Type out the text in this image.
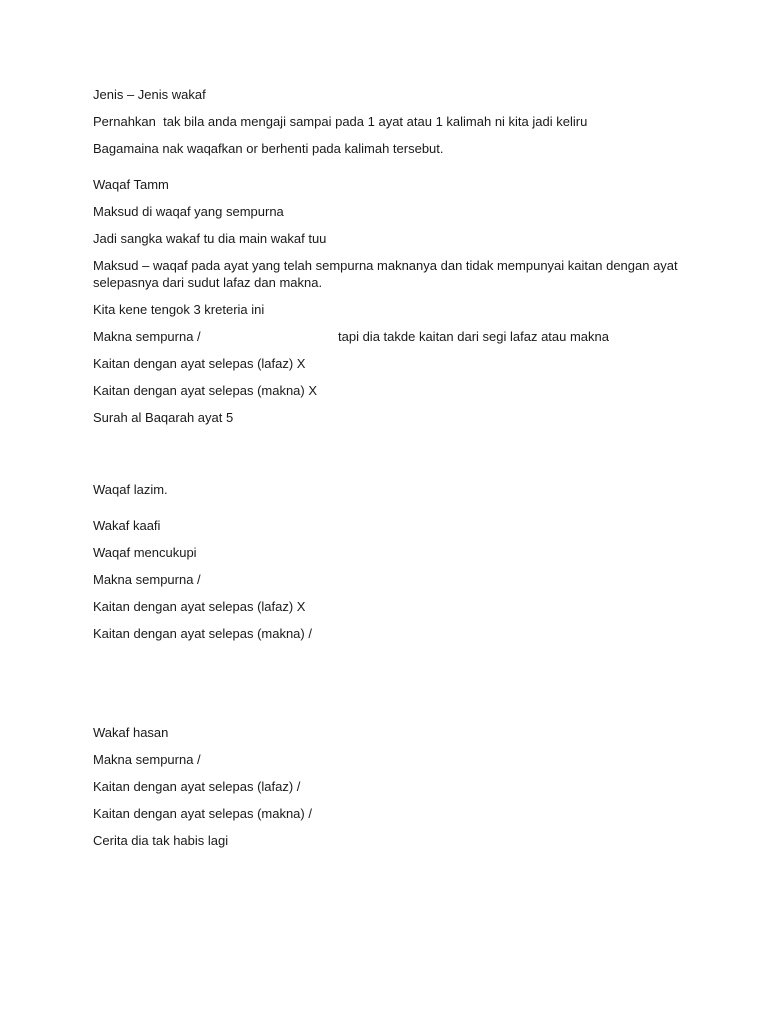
Jenis – Jenis wakaf

Pernahkan  tak bila anda mengaji sampai pada 1 ayat atau 1 kalimah ni kita jadi keliru

Bagamaina nak waqafkan or berhenti pada kalimah tersebut.

Waqaf Tamm

Maksud di waqaf yang sempurna

Jadi sangka wakaf tu dia main wakaf tuu

Maksud – waqaf pada ayat yang telah sempurna maknanya dan tidak mempunyai kaitan dengan ayat selepasnya dari sudut lafaz dan makna.

Kita kene tengok 3 kreteria ini

Makna sempurna /	tapi dia takde kaitan dari segi lafaz atau makna

Kaitan dengan ayat selepas (lafaz) X

Kaitan dengan ayat selepas (makna) X

Surah al Baqarah ayat 5

Waqaf lazim.

Wakaf kaafi

Waqaf mencukupi

Makna sempurna /

Kaitan dengan ayat selepas (lafaz) X

Kaitan dengan ayat selepas (makna) /

Wakaf hasan

Makna sempurna /

Kaitan dengan ayat selepas (lafaz) /

Kaitan dengan ayat selepas (makna) /

Cerita dia tak habis lagi
